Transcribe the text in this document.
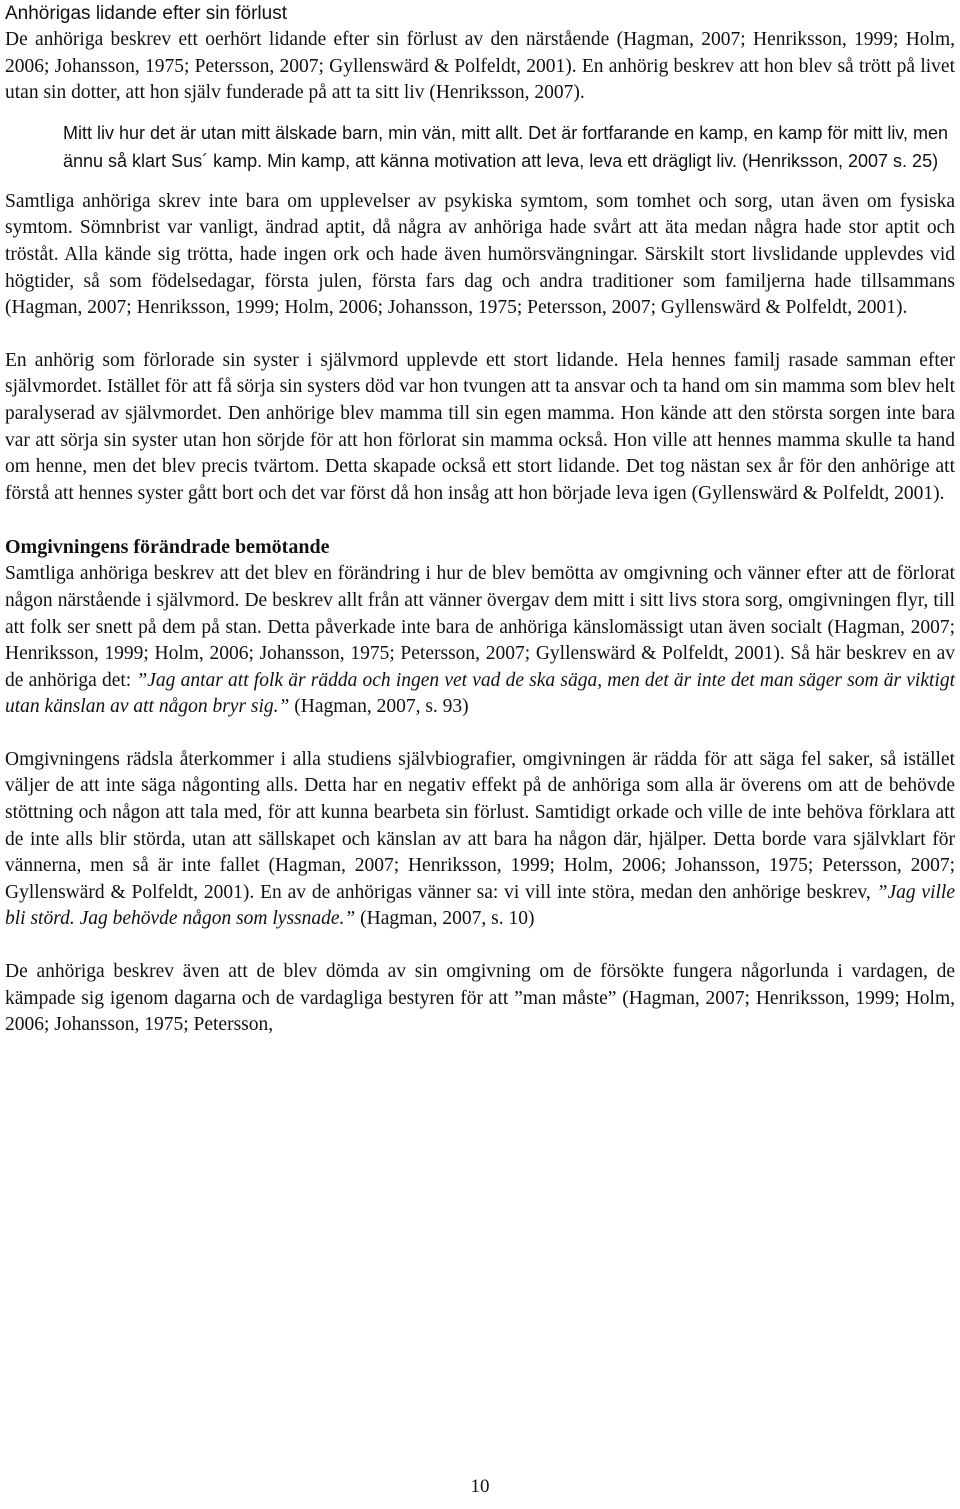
Anhörigas lidande efter sin förlust

De anhöriga beskrev ett oerhört lidande efter sin förlust av den närstående (Hagman, 2007; Henriksson, 1999; Holm, 2006; Johansson, 1975; Petersson, 2007; Gyllenswärd & Polfeldt, 2001). En anhörig beskrev att hon blev så trött på livet utan sin dotter, att hon själv funderade på att ta sitt liv (Henriksson, 2007).

Mitt liv hur det är utan mitt älskade barn, min vän, mitt allt. Det är fortfarande en kamp, en kamp för mitt liv, men ännu så klart Sus´ kamp. Min kamp, att känna motivation att leva, leva ett drägligt liv. (Henriksson, 2007 s. 25)

Samtliga anhöriga skrev inte bara om upplevelser av psykiska symtom, som tomhet och sorg, utan även om fysiska symtom. Sömnbrist var vanligt, ändrad aptit, då några av anhöriga hade svårt att äta medan några hade stor aptit och tröståt. Alla kände sig trötta, hade ingen ork och hade även humörsvängningar. Särskilt stort livslidande upplevdes vid högtider, så som födelsedagar, första julen, första fars dag och andra traditioner som familjerna hade tillsammans (Hagman, 2007; Henriksson, 1999; Holm, 2006; Johansson, 1975; Petersson, 2007; Gyllenswärd & Polfeldt, 2001).

En anhörig som förlorade sin syster i självmord upplevde ett stort lidande. Hela hennes familj rasade samman efter självmordet. Istället för att få sörja sin systers död var hon tvungen att ta ansvar och ta hand om sin mamma som blev helt paralyserad av självmordet. Den anhörige blev mamma till sin egen mamma. Hon kände att den största sorgen inte bara var att sörja sin syster utan hon sörjde för att hon förlorat sin mamma också. Hon ville att hennes mamma skulle ta hand om henne, men det blev precis tvärtom. Detta skapade också ett stort lidande. Det tog nästan sex år för den anhörige att förstå att hennes syster gått bort och det var först då hon insåg att hon började leva igen (Gyllenswärd & Polfeldt, 2001).

Omgivningens förändrade bemötande

Samtliga anhöriga beskrev att det blev en förändring i hur de blev bemötta av omgivning och vänner efter att de förlorat någon närstående i självmord. De beskrev allt från att vänner övergav dem mitt i sitt livs stora sorg, omgivningen flyr, till att folk ser snett på dem på stan. Detta påverkade inte bara de anhöriga känslomässigt utan även socialt (Hagman, 2007; Henriksson, 1999; Holm, 2006; Johansson, 1975; Petersson, 2007; Gyllenswärd & Polfeldt, 2001). Så här beskrev en av de anhöriga det: ”Jag antar att folk är rädda och ingen vet vad de ska säga, men det är inte det man säger som är viktigt utan känslan av att någon bryr sig.” (Hagman, 2007, s. 93)

Omgivningens rädsla återkommer i alla studiens självbiografier, omgivningen är rädda för att säga fel saker, så istället väljer de att inte säga någonting alls. Detta har en negativ effekt på de anhöriga som alla är överens om att de behövde stöttning och någon att tala med, för att kunna bearbeta sin förlust. Samtidigt orkade och ville de inte behöva förklara att de inte alls blir störda, utan att sällskapet och känslan av att bara ha någon där, hjälper. Detta borde vara självklart för vännerna, men så är inte fallet (Hagman, 2007; Henriksson, 1999; Holm, 2006; Johansson, 1975; Petersson, 2007; Gyllenswärd & Polfeldt, 2001). En av de anhörigas vänner sa: vi vill inte störa, medan den anhörige beskrev, ”Jag ville bli störd. Jag behövde någon som lyssnade.” (Hagman, 2007, s. 10)

De anhöriga beskrev även att de blev dömda av sin omgivning om de försökte fungera någorlunda i vardagen, de kämpade sig igenom dagarna och de vardagliga bestyren för att ”man måste” (Hagman, 2007; Henriksson, 1999; Holm, 2006; Johansson, 1975; Petersson,

10
